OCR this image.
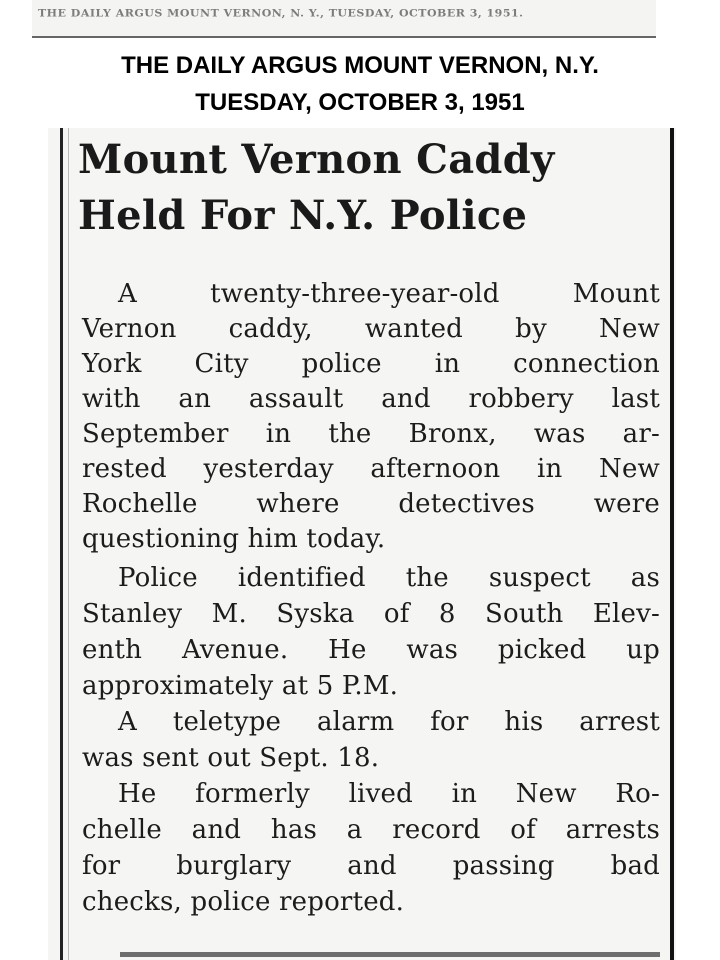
THE DAILY ARGUS MOUNT VERNON, N. Y., TUESDAY, OCTOBER 3, 1951.
THE DAILY ARGUS MOUNT VERNON, N.Y.
TUESDAY, OCTOBER 3, 1951
Mount Vernon Caddy
Held For N.Y. Police
A twenty-three-year-old Mount
Vernon caddy, wanted by New
York City police in connection
with an assault and robbery last
September in the Bronx, was ar-
rested yesterday afternoon in New
Rochelle where detectives were
questioning him today.
Police identified the suspect as
Stanley M. Syska of 8 South Elev-
enth Avenue. He was picked up
approximately at 5 P.M.
A teletype alarm for his arrest
was sent out Sept. 18.
He formerly lived in New Ro-
chelle and has a record of arrests
for burglary and passing bad
checks, police reported.
